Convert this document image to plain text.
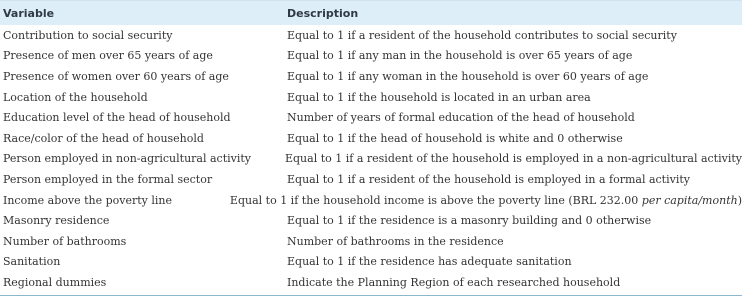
Variable	Description
Contribution to social security	Equal to 1 if a resident of the household contributes to social security
Presence of men over 65 years of age	Equal to 1 if any man in the household is over 65 years of age
Presence of women over 60 years of age	Equal to 1 if any woman in the household is over 60 years of age
Location of the household	Equal to 1 if the household is located in an urban area
Education level of the head of household	Number of years of formal education of the head of household
Race/color of the head of household	Equal to 1 if the head of household is white and 0 otherwise
Person employed in non-agricultural activity	Equal to 1 if a resident of the household is employed in a non-agricultural activity
Person employed in the formal sector	Equal to 1 if a resident of the household is employed in a formal activity
Income above the poverty line	Equal to 1 if the household income is above the poverty line (BRL 232.00 per capita/month)
Masonry residence	Equal to 1 if the residence is a masonry building and 0 otherwise
Number of bathrooms	Number of bathrooms in the residence
Sanitation	Equal to 1 if the residence has adequate sanitation
Regional dummies	Indicate the Planning Region of each researched household
